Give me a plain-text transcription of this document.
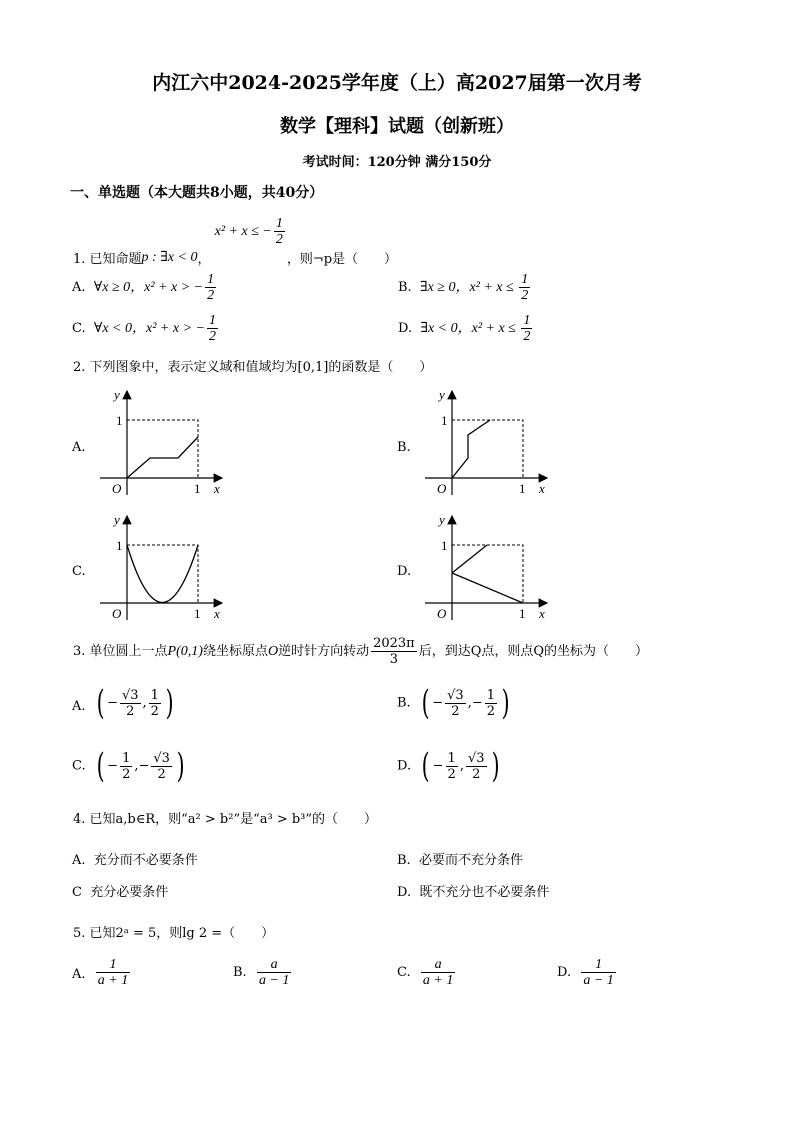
内江六中2024-2025学年度（上）高2027届第一次月考
数学【理科】试题（创新班）
考试时间：120分钟 满分150分
一、单选题（本大题共8小题，共40分）
1. 已知命题p : ∃x < 0， x² + x ≤ − $\frac{1}{2}$
，则¬p是（　　）
A. ∀x ≥ 0，x² + x > − $\frac{1}{2}$	B. ∃x ≥ 0，$x^2 + x \le \frac{1}{2}$
C. ∀x < 0，x² + x > − $\frac{1}{2}$	D. ∃x < 0，$x^2 + x \le \frac{1}{2}$
2. 下列图象中，表示定义域和值域均为[0,1]的函数是（　　）
A.	B.
C.	D.
y
1
O	1 x
y
1
O	1 x
y
1
O	1 x
y
1
O	1 x
3. 单位圆上一点P(0,1)绕坐标原点O逆时针方向转动 $\frac{2023\pi}{3}$ 后，到达Q点，则点Q的坐标为（　　）
A. ( − $\frac{√3}{2}$ , $\frac{1}{2}$ )	B. ( − $\frac{√3}{2}$ ,− $\frac{1}{2}$ )
C. ( − $\frac{1}{2}$ ,− $\frac{√3}{2}$ )	D. ( − $\frac{1}{2}$ , $\frac{√3}{2}$ )
4. 已知a,b∈R，则“a² > b²”是“a³ > b³”的（　　）
A. 充分而不必要条件	B. 必要而不充分条件
C 充分必要条件	D. 既不充分也不必要条件
5. 已知2ᵃ = 5，则lg 2 =（　　）
A. $\frac{1}{a + 1}$	B. $\frac{a}{a - 1}$	C. $\frac{a}{a + 1}$	D. $\frac{1}{a - 1}$
